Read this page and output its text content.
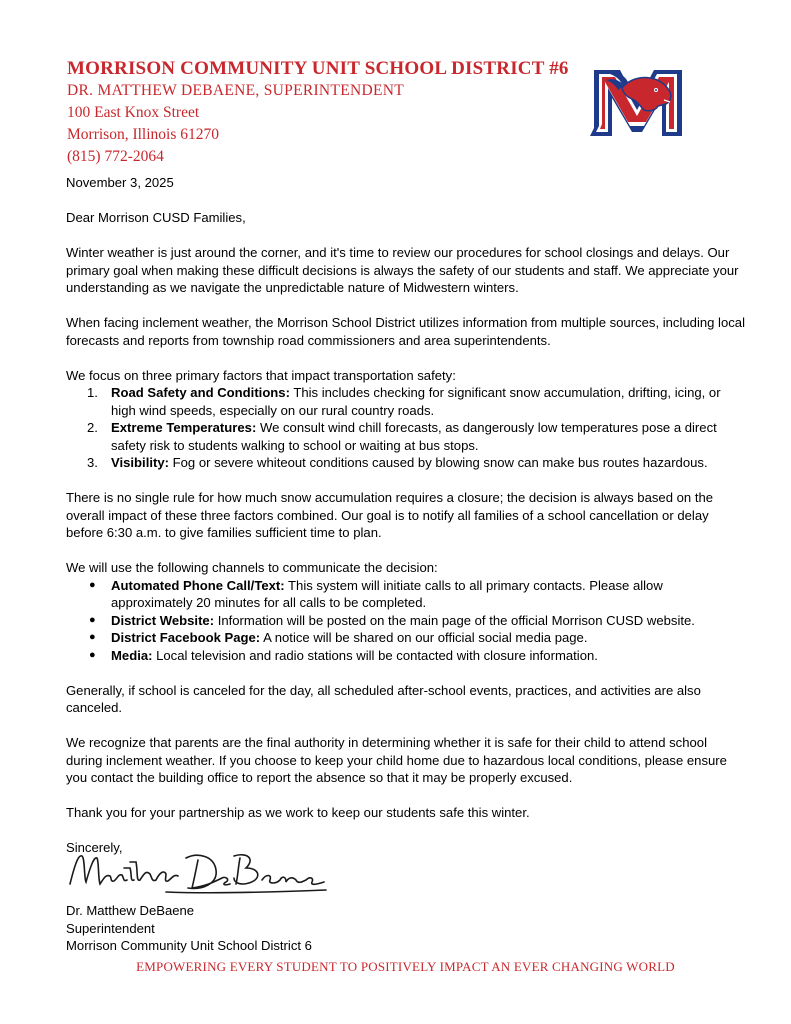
MORRISON COMMUNITY UNIT SCHOOL DISTRICT #6
DR. MATTHEW DEBAENE, SUPERINTENDENT
100 East Knox Street
Morrison, Illinois 61270
(815) 772-2064

November 3, 2025

Dear Morrison CUSD Families,

Winter weather is just around the corner, and it's time to review our procedures for school closings and delays. Our primary goal when making these difficult decisions is always the safety of our students and staff. We appreciate your understanding as we navigate the unpredictable nature of Midwestern winters.

When facing inclement weather, the Morrison School District utilizes information from multiple sources, including local forecasts and reports from township road commissioners and area superintendents.

We focus on three primary factors that impact transportation safety:

1. Road Safety and Conditions: This includes checking for significant snow accumulation, drifting, icing, or high wind speeds, especially on our rural country roads.
2. Extreme Temperatures: We consult wind chill forecasts, as dangerously low temperatures pose a direct safety risk to students walking to school or waiting at bus stops.
3. Visibility: Fog or severe whiteout conditions caused by blowing snow can make bus routes hazardous.

There is no single rule for how much snow accumulation requires a closure; the decision is always based on the overall impact of these three factors combined. Our goal is to notify all families of a school cancellation or delay before 6:30 a.m. to give families sufficient time to plan.

We will use the following channels to communicate the decision:

● Automated Phone Call/Text: This system will initiate calls to all primary contacts. Please allow approximately 20 minutes for all calls to be completed.
● District Website: Information will be posted on the main page of the official Morrison CUSD website.
● District Facebook Page: A notice will be shared on our official social media page.
● Media: Local television and radio stations will be contacted with closure information.

Generally, if school is canceled for the day, all scheduled after-school events, practices, and activities are also canceled.

We recognize that parents are the final authority in determining whether it is safe for their child to attend school during inclement weather. If you choose to keep your child home due to hazardous local conditions, please ensure you contact the building office to report the absence so that it may be properly excused.

Thank you for your partnership as we work to keep our students safe this winter.

Sincerely,

Dr. Matthew DeBaene
Superintendent
Morrison Community Unit School District 6
EMPOWERING EVERY STUDENT TO POSITIVELY IMPACT AN EVER CHANGING WORLD
